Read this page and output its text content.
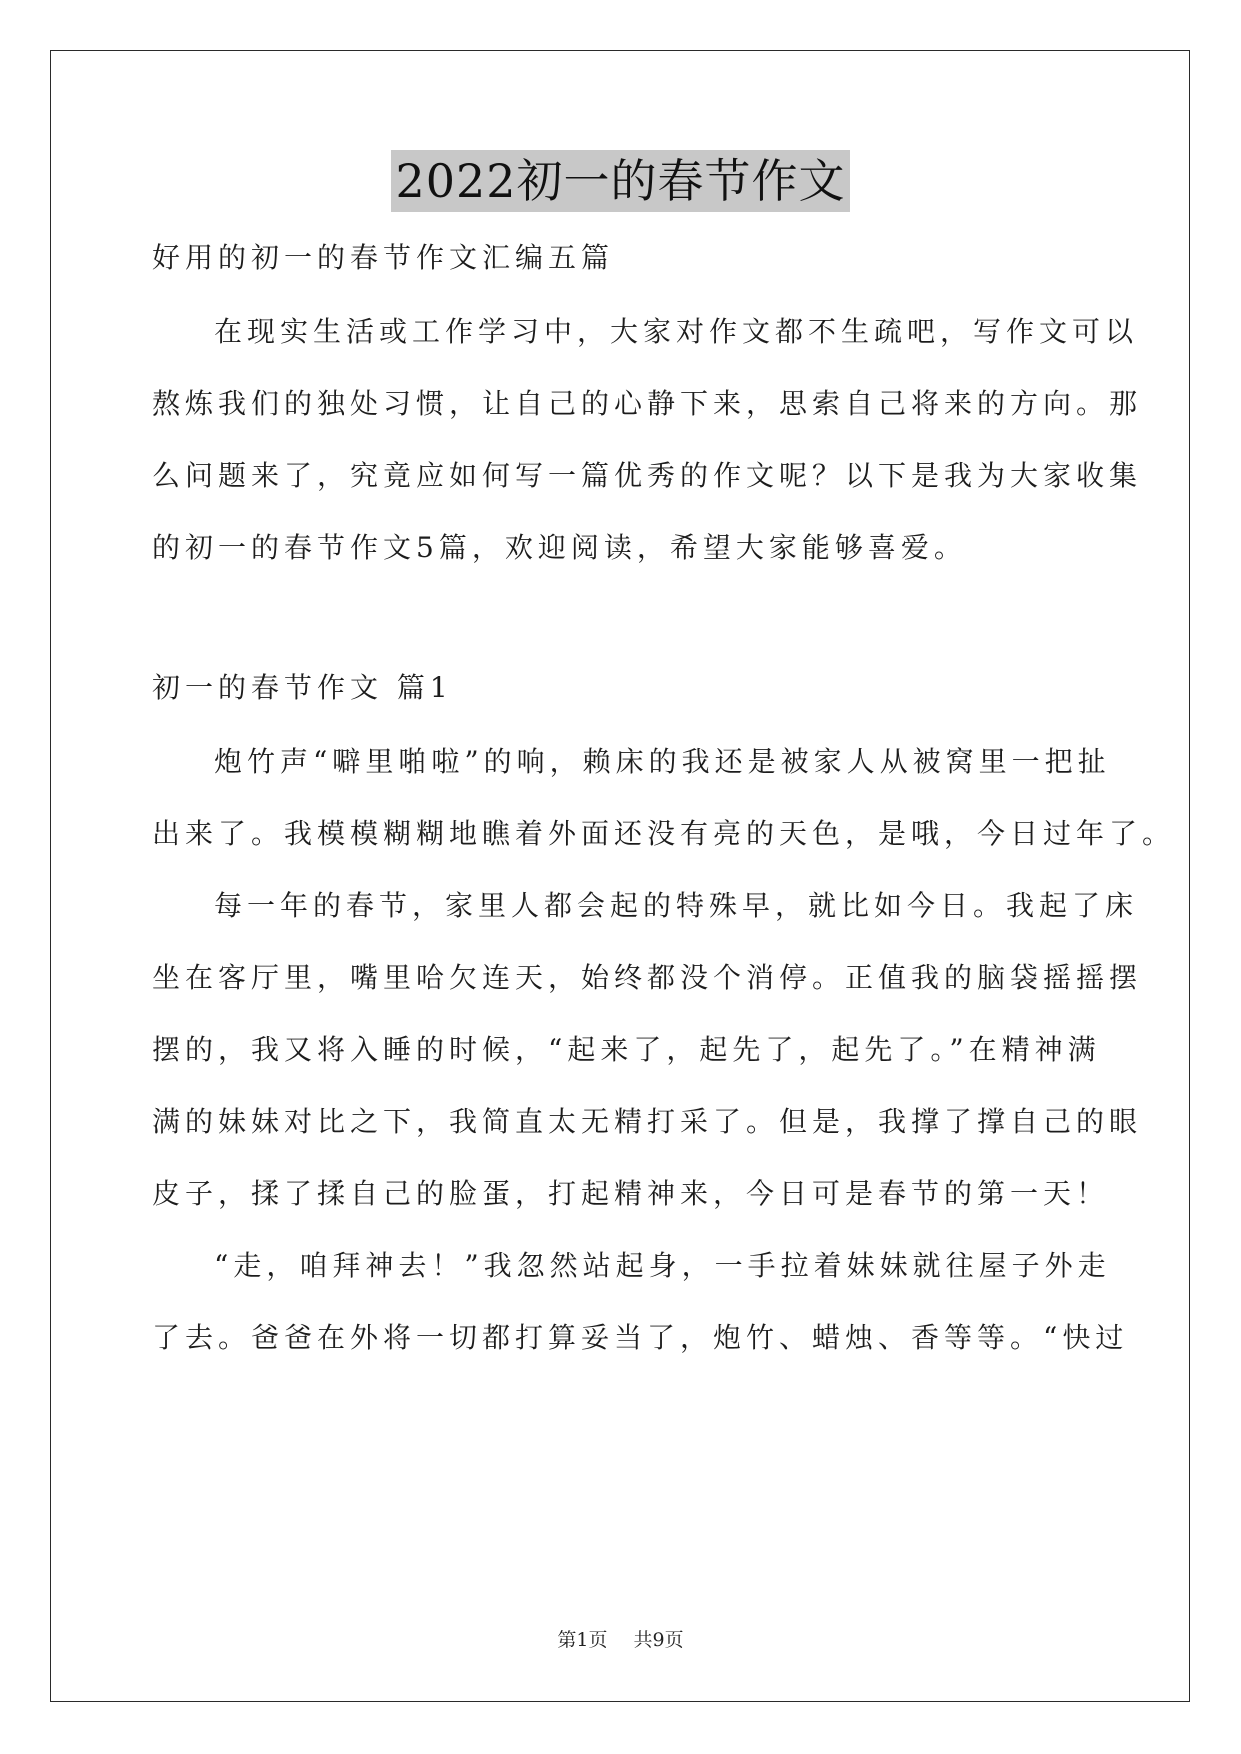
2022初一的春节作文
好用的初一的春节作文汇编五篇
在现实生活或工作学习中，大家对作文都不生疏吧，写作文可以
熬炼我们的独处习惯，让自己的心静下来，思索自己将来的方向。那
么问题来了，究竟应如何写一篇优秀的作文呢？以下是我为大家收集
的初一的春节作文5篇，欢迎阅读，希望大家能够喜爱。
初一的春节作文 篇1
炮竹声“噼里啪啦”的响，赖床的我还是被家人从被窝里一把扯
出来了。我模模糊糊地瞧着外面还没有亮的天色，是哦，今日过年了。
每一年的春节，家里人都会起的特殊早，就比如今日。我起了床
坐在客厅里，嘴里哈欠连天，始终都没个消停。正值我的脑袋摇摇摆
摆的，我又将入睡的时候，“起来了，起先了，起先了。”在精神满
满的妹妹对比之下，我简直太无精打采了。但是，我撑了撑自己的眼
皮子，揉了揉自己的脸蛋，打起精神来，今日可是春节的第一天！
“走，咱拜神去！”我忽然站起身，一手拉着妹妹就往屋子外走
了去。爸爸在外将一切都打算妥当了，炮竹、蜡烛、香等等。“快过
第1页 共9页
